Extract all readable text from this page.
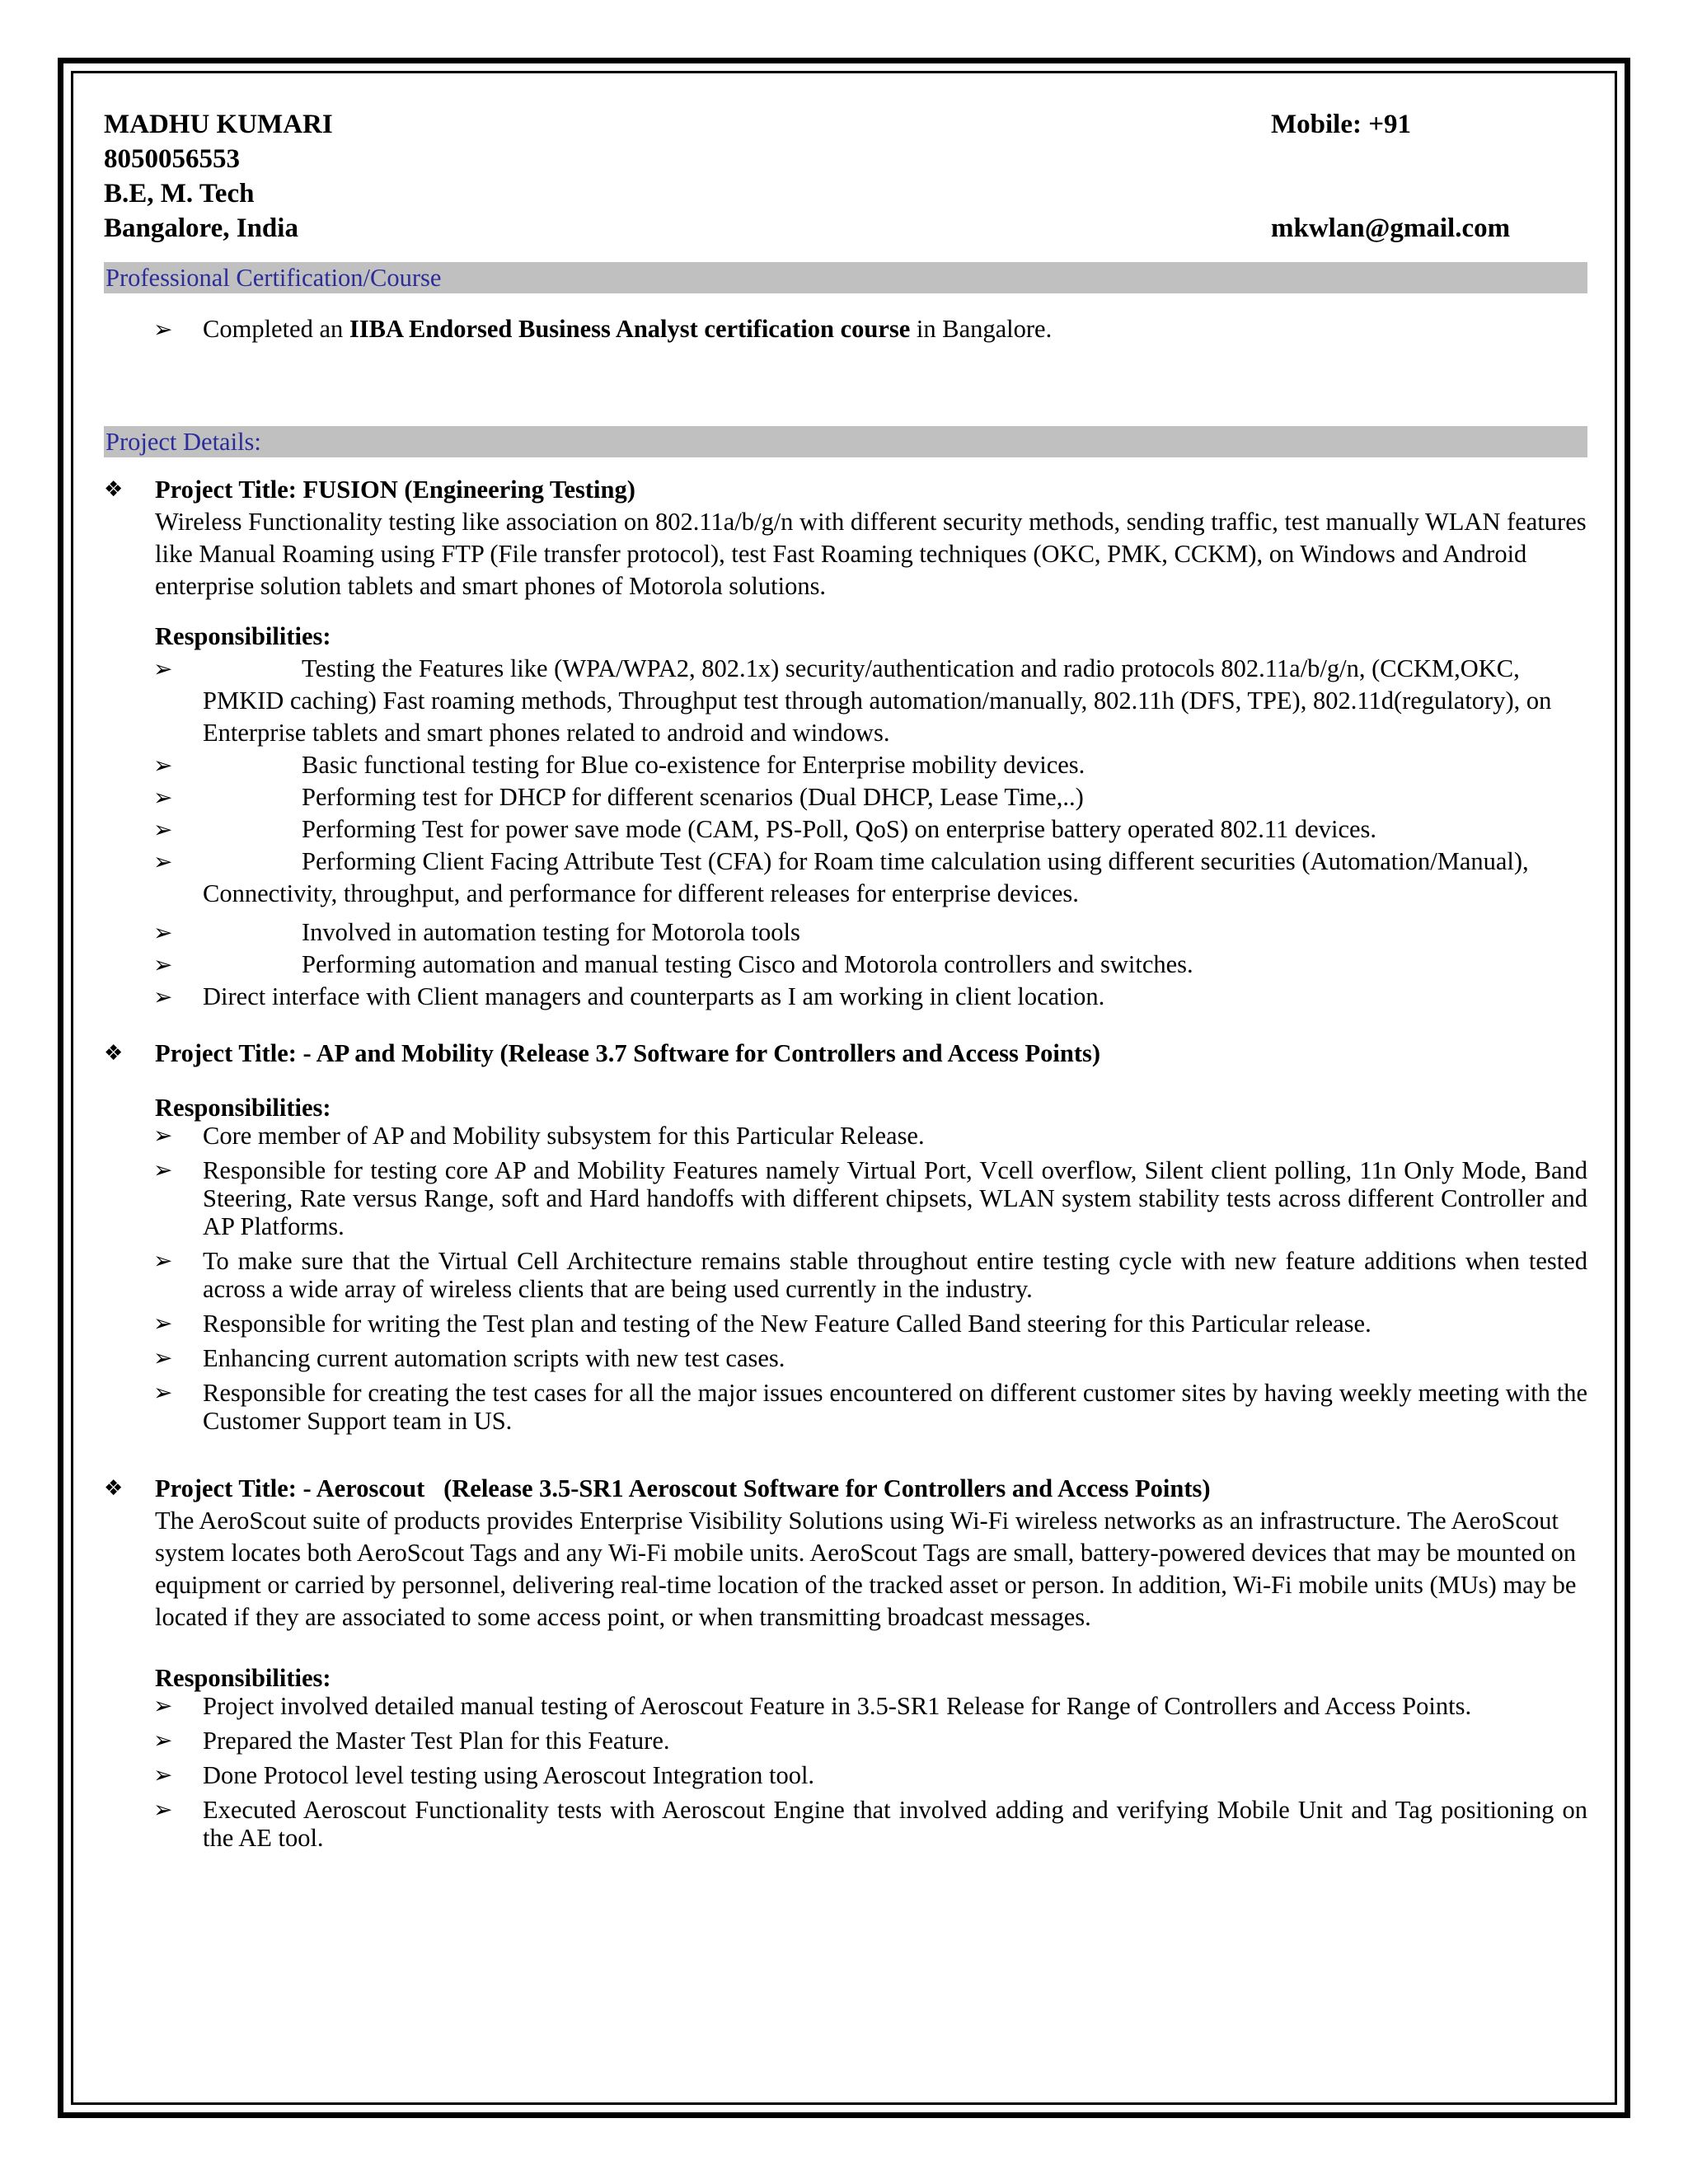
MADHU KUMARI	Mobile: +91
8050056553
B.E, M. Tech
Bangalore, India	mkwlan@gmail.com
Professional Certification/Course
➢ Completed an IIBA Endorsed Business Analyst certification course in Bangalore.
Project Details:
❖ Project Title: FUSION (Engineering Testing)
Wireless Functionality testing like association on 802.11a/b/g/n with different security methods, sending traffic, test manually WLAN features like Manual Roaming using FTP (File transfer protocol), test Fast Roaming techniques (OKC, PMK, CCKM), on Windows and Android enterprise solution tablets and smart phones of Motorola solutions.
Responsibilities:
➢	Testing the Features like (WPA/WPA2, 802.1x) security/authentication and radio protocols 802.11a/b/g/n, (CCKM,OKC, PMKID caching) Fast roaming methods, Throughput test through automation/manually, 802.11h (DFS, TPE), 802.11d(regulatory), on Enterprise tablets and smart phones related to android and windows.
➢	Basic functional testing for Blue co-existence for Enterprise mobility devices.
➢	Performing test for DHCP for different scenarios (Dual DHCP, Lease Time,..)
➢	Performing Test for power save mode (CAM, PS-Poll, QoS) on enterprise battery operated 802.11 devices.
➢	Performing Client Facing Attribute Test (CFA) for Roam time calculation using different securities (Automation/Manual), Connectivity, throughput, and performance for different releases for enterprise devices.
➢	Involved in automation testing for Motorola tools
➢	Performing automation and manual testing Cisco and Motorola controllers and switches.
➢ Direct interface with Client managers and counterparts as I am working in client location.
❖ Project Title: - AP and Mobility (Release 3.7 Software for Controllers and Access Points)
Responsibilities:
➢ Core member of AP and Mobility subsystem for this Particular Release.
➢ Responsible for testing core AP and Mobility Features namely Virtual Port, Vcell overflow, Silent client polling, 11n Only Mode, Band Steering, Rate versus Range, soft and Hard handoffs with different chipsets, WLAN system stability tests across different Controller and AP Platforms.
➢ To make sure that the Virtual Cell Architecture remains stable throughout entire testing cycle with new feature additions when tested across a wide array of wireless clients that are being used currently in the industry.
➢ Responsible for writing the Test plan and testing of the New Feature Called Band steering for this Particular release.
➢ Enhancing current automation scripts with new test cases.
➢ Responsible for creating the test cases for all the major issues encountered on different customer sites by having weekly meeting with the Customer Support team in US.
❖ Project Title: - Aeroscout   (Release 3.5-SR1 Aeroscout Software for Controllers and Access Points)
The AeroScout suite of products provides Enterprise Visibility Solutions using Wi-Fi wireless networks as an infrastructure. The AeroScout system locates both AeroScout Tags and any Wi-Fi mobile units. AeroScout Tags are small, battery-powered devices that may be mounted on equipment or carried by personnel, delivering real-time location of the tracked asset or person. In addition, Wi-Fi mobile units (MUs) may be located if they are associated to some access point, or when transmitting broadcast messages.
Responsibilities:
➢ Project involved detailed manual testing of Aeroscout Feature in 3.5-SR1 Release for Range of Controllers and Access Points.
➢ Prepared the Master Test Plan for this Feature.
➢ Done Protocol level testing using Aeroscout Integration tool.
➢ Executed Aeroscout Functionality tests with Aeroscout Engine that involved adding and verifying Mobile Unit and Tag positioning on the AE tool.
